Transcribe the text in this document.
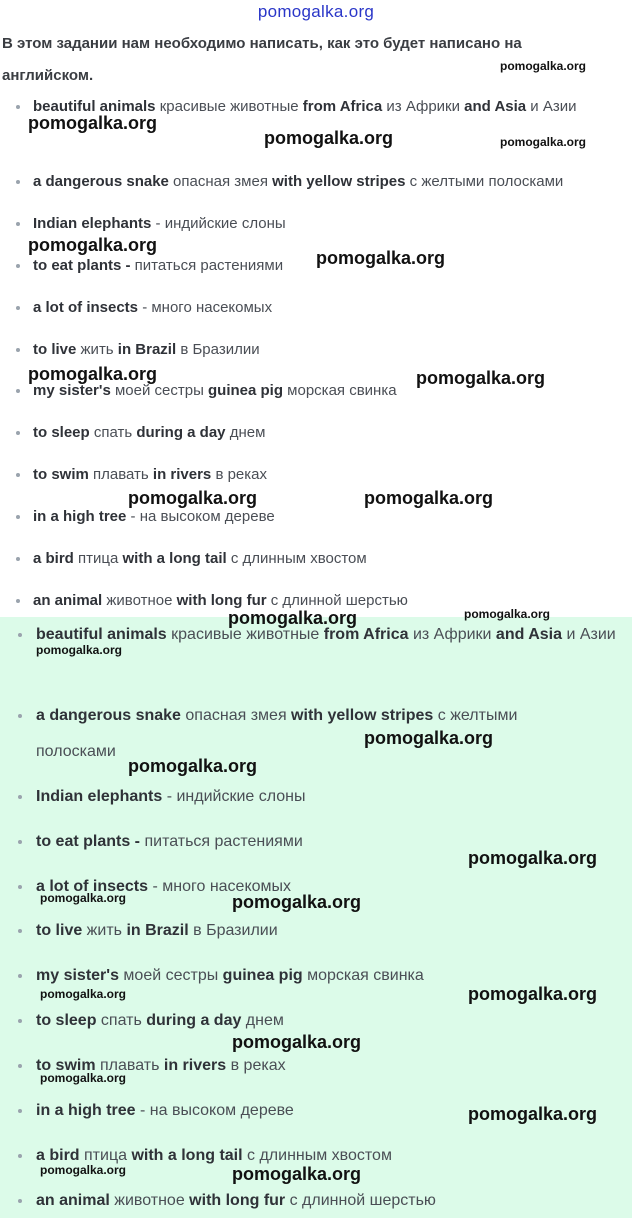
pomogalka.org
В этом задании нам необходимо написать, как это будет написано на английском.
beautiful animals красивые животные from Africa из Африки and Asia и Азии
a dangerous snake опасная змея with yellow stripes с желтыми полосками
Indian elephants - индийские слоны
to eat plants - питаться растениями
a lot of insects - много насекомых
to live жить in Brazil в Бразилии
my sister's моей сестры guinea pig морская свинка
to sleep спать during a day днем
to swim плавать in rivers в реках
in a high tree - на высоком дереве
a bird птица with a long tail с длинным хвостом
an animal животное with long fur с длинной шерстью
beautiful animals красивые животные from Africa из Африки and Asia и Азии
a dangerous snake опасная змея with yellow stripes с желтыми полосками
Indian elephants - индийские слоны
to eat plants - питаться растениями
a lot of insects - много насекомых
to live жить in Brazil в Бразилии
my sister's моей сестры guinea pig морская свинка
to sleep спать during a day днем
to swim плавать in rivers в реках
in a high tree - на высоком дереве
a bird птица with a long tail с длинным хвостом
an animal животное with long fur с длинной шерстью
pomogalka.org
pomogalka.org
pomogalka.org	pomogalka.org
pomogalka.org
pomogalka.org
pomogalka.org	pomogalka.org
pomogalka.org	pomogalka.org
pomogalka.org	pomogalka.org
pomogalka.org
pomogalka.org
pomogalka.org
pomogalka.org
pomogalka.org	pomogalka.org
pomogalka.org	pomogalka.org
pomogalka.org
pomogalka.org
pomogalka.org
pomogalka.org	pomogalka.org
